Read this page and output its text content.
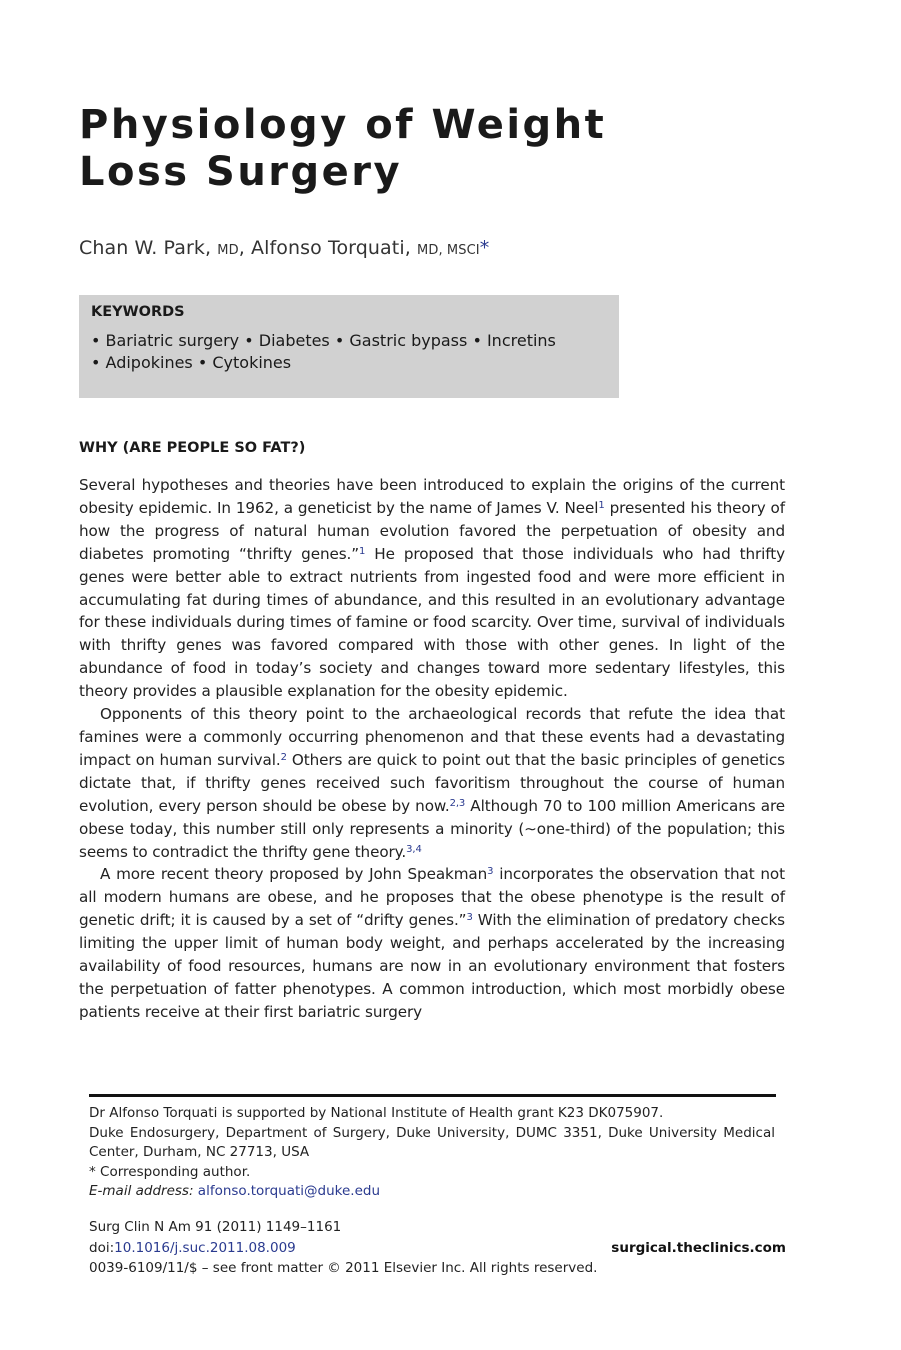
Physiology of Weight
Loss Surgery

Chan W. Park, MD, Alfonso Torquati, MD, MSCI*

KEYWORDS

• Bariatric surgery • Diabetes • Gastric bypass • Incretins

• Adipokines • Cytokines

WHY (ARE PEOPLE SO FAT?)

Several hypotheses and theories have been introduced to explain the origins of the current obesity epidemic. In 1962, a geneticist by the name of James V. Neel$^1$ presented his theory of how the progress of natural human evolution favored the perpetuation of obesity and diabetes promoting “thrifty genes.”$^1$ He proposed that those individuals who had thrifty genes were better able to extract nutrients from ingested food and were more efficient in accumulating fat during times of abundance, and this resulted in an evolutionary advantage for these individuals during times of famine or food scarcity. Over time, survival of individuals with thrifty genes was favored compared with those with other genes. In light of the abundance of food in today’s society and changes toward more sedentary lifestyles, this theory provides a plausible explanation for the obesity epidemic.

Opponents of this theory point to the archaeological records that refute the idea that famines were a commonly occurring phenomenon and that these events had a devastating impact on human survival.$^2$ Others are quick to point out that the basic principles of genetics dictate that, if thrifty genes received such favoritism throughout the course of human evolution, every person should be obese by now.$^{2,3}$ Although 70 to 100 million Americans are obese today, this number still only represents a minority (∼one-third) of the population; this seems to contradict the thrifty gene theory.$^{3,4}$

A more recent theory proposed by John Speakman$^3$ incorporates the observation that not all modern humans are obese, and he proposes that the obese phenotype is the result of genetic drift; it is caused by a set of “drifty genes.”$^3$ With the elimination of predatory checks limiting the upper limit of human body weight, and perhaps accelerated by the increasing availability of food resources, humans are now in an evolutionary environment that fosters the perpetuation of fatter phenotypes. A common introduction, which most morbidly obese patients receive at their first bariatric surgery

Dr Alfonso Torquati is supported by National Institute of Health grant K23 DK075907.

Duke Endosurgery, Department of Surgery, Duke University, DUMC 3351, Duke University Medical Center, Durham, NC 27713, USA

* Corresponding author.

E-mail address: alfonso.torquati@duke.edu

Surg Clin N Am 91 (2011) 1149–1161

doi:10.1016/j.suc.2011.08.009	surgical.theclinics.com

0039-6109/11/$ – see front matter © 2011 Elsevier Inc. All rights reserved.
